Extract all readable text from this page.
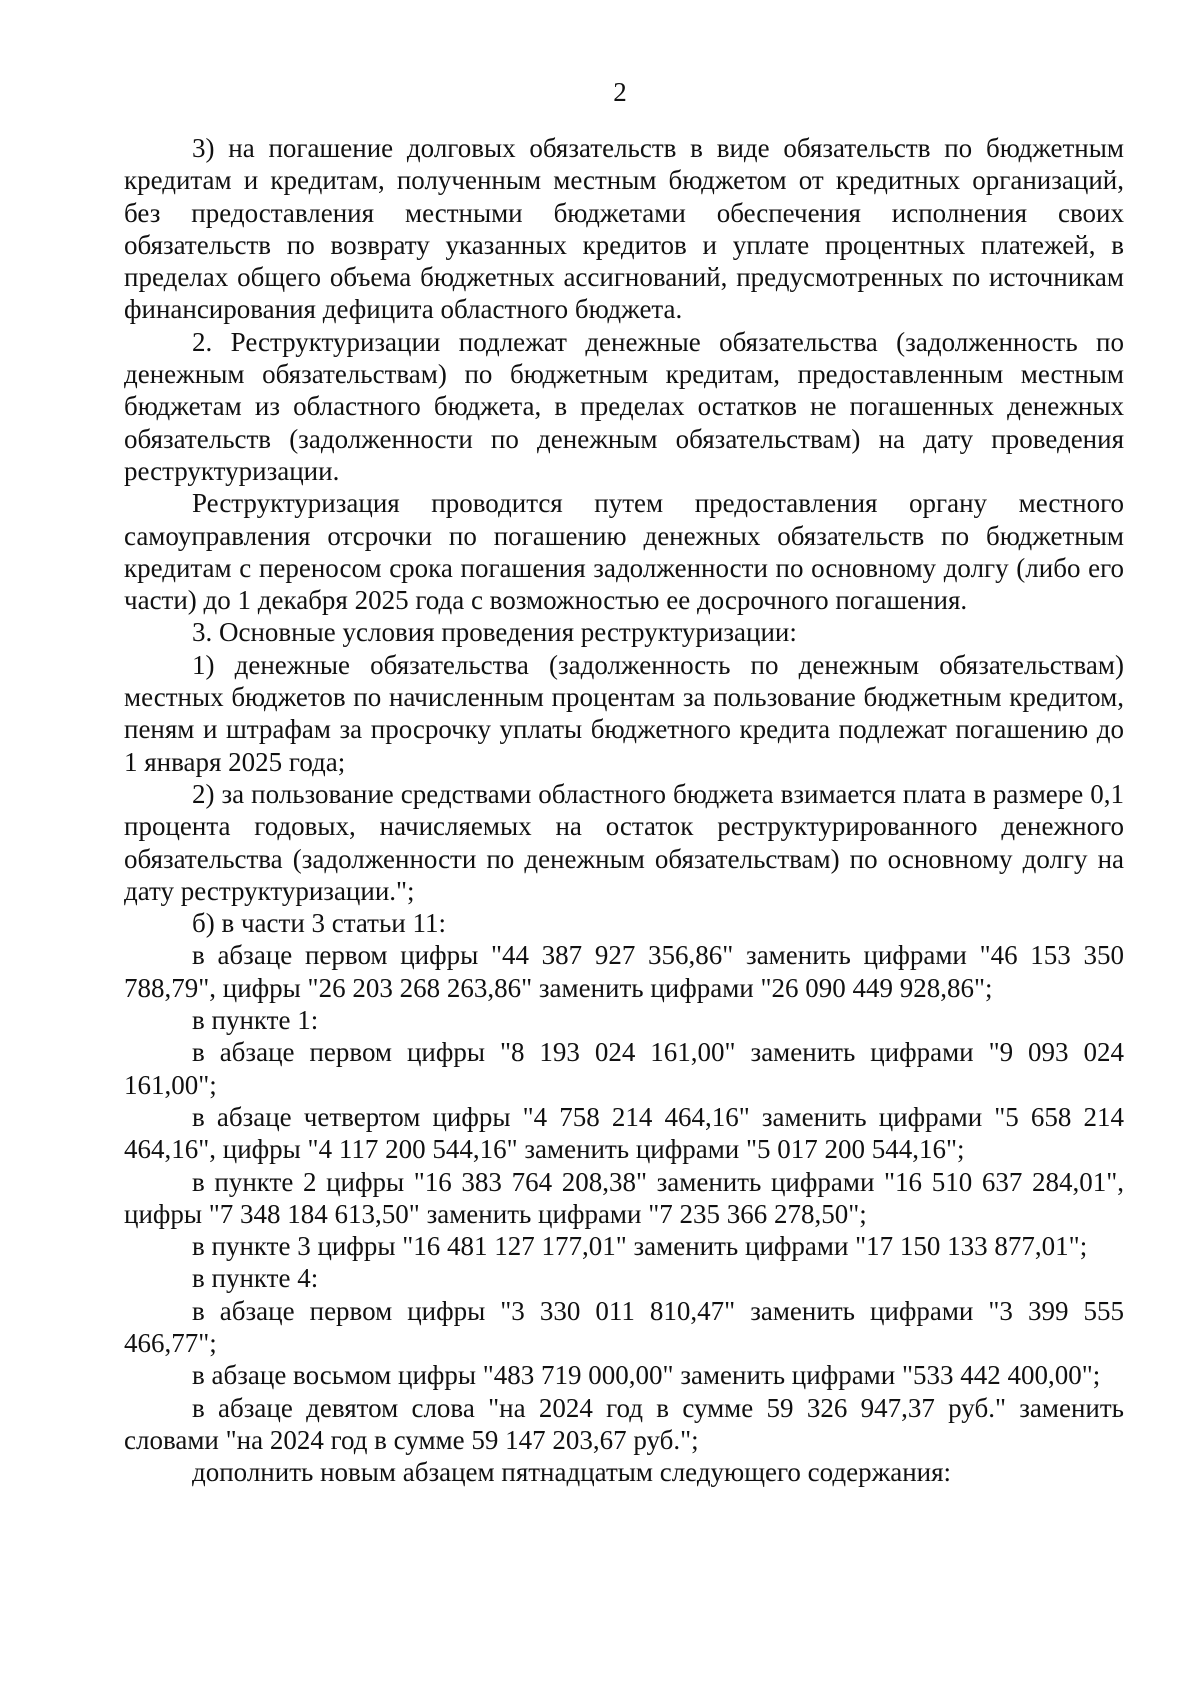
2

3) на погашение долговых обязательств в виде обязательств по бюджетным кредитам и кредитам, полученным местным бюджетом от кредитных организаций, без предоставления местными бюджетами обеспечения исполнения своих обязательств по возврату указанных кредитов и уплате процентных платежей, в пределах общего объема бюджетных ассигнований, предусмотренных по источникам финансирования дефицита областного бюджета.

2. Реструктуризации подлежат денежные обязательства (задолженность по денежным обязательствам) по бюджетным кредитам, предоставленным местным бюджетам из областного бюджета, в пределах остатков не погашенных денежных обязательств (задолженности по денежным обязательствам) на дату проведения реструктуризации.

Реструктуризация проводится путем предоставления органу местного самоуправления отсрочки по погашению денежных обязательств по бюджетным кредитам с переносом срока погашения задолженности по основному долгу (либо его части) до 1 декабря 2025 года с возможностью ее досрочного погашения.

3. Основные условия проведения реструктуризации:

1) денежные обязательства (задолженность по денежным обязательствам) местных бюджетов по начисленным процентам за пользование бюджетным кредитом, пеням и штрафам за просрочку уплаты бюджетного кредита подлежат погашению до 1 января 2025 года;

2) за пользование средствами областного бюджета взимается плата в размере 0,1 процента годовых, начисляемых на остаток реструктурированного денежного обязательства (задолженности по денежным обязательствам) по основному долгу на дату реструктуризации.";

б) в части 3 статьи 11:

в абзаце первом цифры "44 387 927 356,86" заменить цифрами "46 153 350 788,79", цифры "26 203 268 263,86" заменить цифрами "26 090 449 928,86";

в пункте 1:

в абзаце первом цифры "8 193 024 161,00" заменить цифрами "9 093 024 161,00";

в абзаце четвертом цифры "4 758 214 464,16" заменить цифрами "5 658 214 464,16", цифры "4 117 200 544,16" заменить цифрами "5 017 200 544,16";

в пункте 2 цифры "16 383 764 208,38" заменить цифрами "16 510 637 284,01", цифры "7 348 184 613,50" заменить цифрами "7 235 366 278,50";

в пункте 3 цифры "16 481 127 177,01" заменить цифрами "17 150 133 877,01";

в пункте 4:

в абзаце первом цифры "3 330 011 810,47" заменить цифрами "3 399 555 466,77";

в абзаце восьмом цифры "483 719 000,00" заменить цифрами "533 442 400,00";

в абзаце девятом слова "на 2024 год в сумме 59 326 947,37 руб." заменить словами "на 2024 год в сумме 59 147 203,67 руб.";

дополнить новым абзацем пятнадцатым следующего содержания:
